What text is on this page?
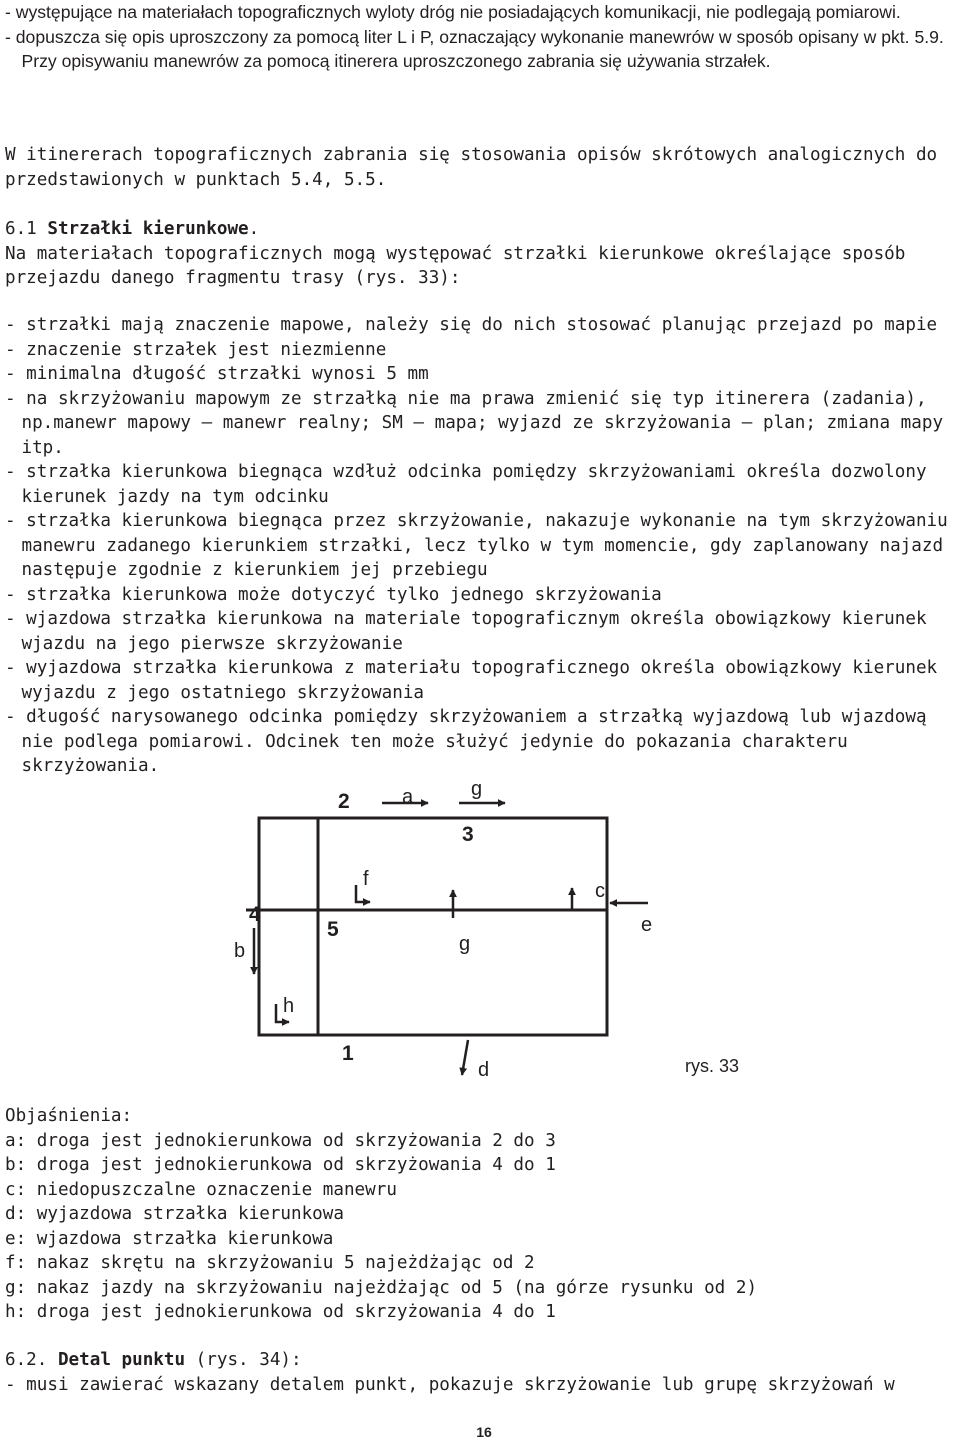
- występujące na materiałach topograficznych wyloty dróg nie posiadających komunikacji, nie podlegają pomiarowi.

- dopuszcza się opis uproszczony za pomocą liter L i P, oznaczający wykonanie manewrów w sposób opisany w pkt. 5.9. Przy opisywaniu manewrów za pomocą itinerera uproszczonego zabrania się używania strzałek.

W itinererach topograficznych zabrania się stosowania opisów skrótowych analogicznych do przedstawionych w punktach 5.4, 5.5.

6.1 Strzałki kierunkowe.

Na materiałach topograficznych mogą występować strzałki kierunkowe określające sposób przejazdu danego fragmentu trasy (rys. 33):

- strzałki mają znaczenie mapowe, należy się do nich stosować planując przejazd po mapie

- znaczenie strzałek jest niezmienne

- minimalna długość strzałki wynosi 5 mm

- na skrzyżowaniu mapowym ze strzałką nie ma prawa zmienić się typ itinerera (zadania), np.manewr mapowy – manewr realny; SM – mapa; wyjazd ze skrzyżowania – plan; zmiana mapy itp.

- strzałka kierunkowa biegnąca wzdłuż odcinka pomiędzy skrzyżowaniami określa dozwolony kierunek jazdy na tym odcinku

- strzałka kierunkowa biegnąca przez skrzyżowanie, nakazuje wykonanie na tym skrzyżowaniu manewru zadanego kierunkiem strzałki, lecz tylko w tym momencie, gdy zaplanowany najazd następuje zgodnie z kierunkiem jej przebiegu

- strzałka kierunkowa może dotyczyć tylko jednego skrzyżowania

- wjazdowa strzałka kierunkowa na materiale topograficznym określa obowiązkowy kierunek wjazdu na jego pierwsze skrzyżowanie

- wyjazdowa strzałka kierunkowa z materiału topograficznego określa obowiązkowy kierunek wyjazdu z jego ostatniego skrzyżowania

- długość narysowanego odcinka pomiędzy skrzyżowaniem a strzałką wyjazdową lub wjazdową nie podlega pomiarowi. Odcinek ten może służyć jedynie do pokazania charakteru skrzyżowania.

2
3
4
5
1
a	g
f
c
e
b	g
h
d	rys. 33

Objaśnienia:

a: droga jest jednokierunkowa od skrzyżowania 2 do 3

b: droga jest jednokierunkowa od skrzyżowania 4 do 1

c: niedopuszczalne oznaczenie manewru

d: wyjazdowa strzałka kierunkowa

e: wjazdowa strzałka kierunkowa

f: nakaz skrętu na skrzyżowaniu 5 najeżdżając od 2

g: nakaz jazdy na skrzyżowaniu najeżdżając od 5 (na górze rysunku od 2)

h: droga jest jednokierunkowa od skrzyżowania 4 do 1

6.2. Detal punktu (rys. 34):

- musi zawierać wskazany detalem punkt, pokazuje skrzyżowanie lub grupę skrzyżowań w

16
